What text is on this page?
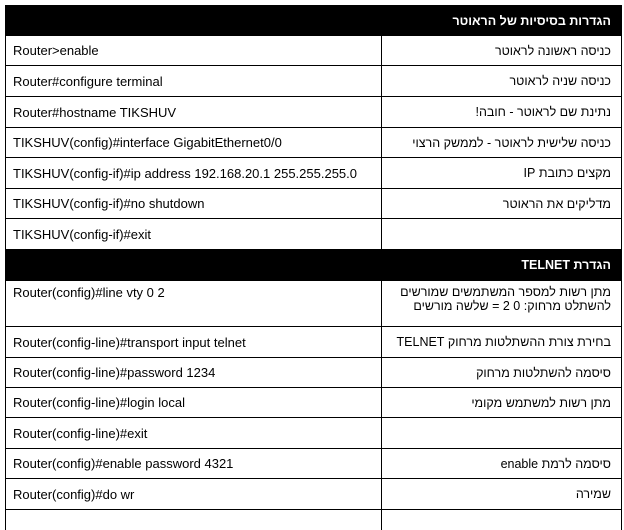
הגדרות בסיסיות של הראוטר
Router>enable	כניסה ראשונה לראוטר
Router#configure terminal	כניסה שניה לראוטר
Router#hostname TIKSHUV	נתינת שם לראוטר - חובה!
TIKSHUV(config)#interface GigabitEthernet0/0	כניסה שלישית לראוטר - לממשק הרצוי
TIKSHUV(config-if)#ip address 192.168.20.1 255.255.255.0	מקצים כתובת IP
TIKSHUV(config-if)#no shutdown	מדליקים את הראוטר
TIKSHUV(config-if)#exit
הגדרת TELNET
Router(config)#line vty 0 2	מתן רשות למספר המשתמשים שמורשים
להשתלט מרחוק: 0 2 = שלשה מורשים
Router(config-line)#transport input telnet	בחירת צורת ההשתלטות מרחוק TELNET
Router(config-line)#password 1234	סיסמה להשתלטות מרחוק
Router(config-line)#login local	מתן רשות למשתמש מקומי
Router(config-line)#exit
Router(config)#enable password 4321	סיסמה לרמת enable
Router(config)#do wr	שמירה
